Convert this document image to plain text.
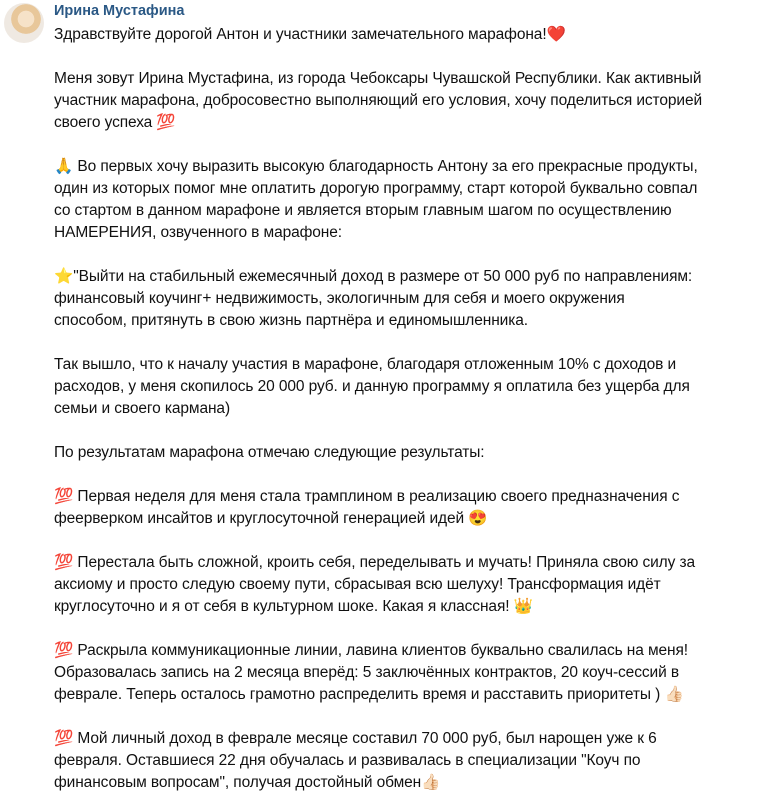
Ирина Мустафина
Здравствуйте дорогой Антон и участники замечательного марафона!❤️
Меня зовут Ирина Мустафина, из города Чебоксары Чувашской Республики. Как активный
участник марафона, добросовестно выполняющий его условия, хочу поделиться историей
своего успеха 💯
🙏 Во первых хочу выразить высокую благодарность Антону за его прекрасные продукты,
один из которых помог мне оплатить дорогую программу, старт которой буквально совпал
со стартом в данном марафоне и является вторым главным шагом по осуществлению
НАМЕРЕНИЯ, озвученного в марафоне:
⭐"Выйти на стабильный ежемесячный доход в размере от 50 000 руб по направлениям:
финансовый коучинг+ недвижимость, экологичным для себя и моего окружения
способом, притянуть в свою жизнь партнёра и единомышленника.
Так вышло, что к началу участия в марафоне, благодаря отложенным 10% с доходов и
расходов, у меня скопилось 20 000 руб. и данную программу я оплатила без ущерба для
семьи и своего кармана)
По результатам марафона отмечаю следующие результаты:
💯 Первая неделя для меня стала трамплином в реализацию своего предназначения с
феерверком инсайтов и круглосуточной генерацией идей 😍
💯 Перестала быть сложной, кроить себя, переделывать и мучать! Приняла свою силу за
аксиому и просто следую своему пути, сбрасывая всю шелуху! Трансформация идёт
круглосуточно и я от себя в культурном шоке. Какая я классная! 👑
💯 Раскрыла коммуникационные линии, лавина клиентов буквально свалилась на меня!
Образовалась запись на 2 месяца вперёд: 5 заключённых контрактов, 20 коуч-сессий в
феврале. Теперь осталось грамотно распределить время и расставить приоритеты ) 👍🏻
💯 Мой личный доход в феврале месяце составил 70 000 руб, был нарощен уже к 6
февраля. Оставшиеся 22 дня обучалась и развивалась в специализации "Коуч по
финансовым вопросам", получая достойный обмен👍🏻
